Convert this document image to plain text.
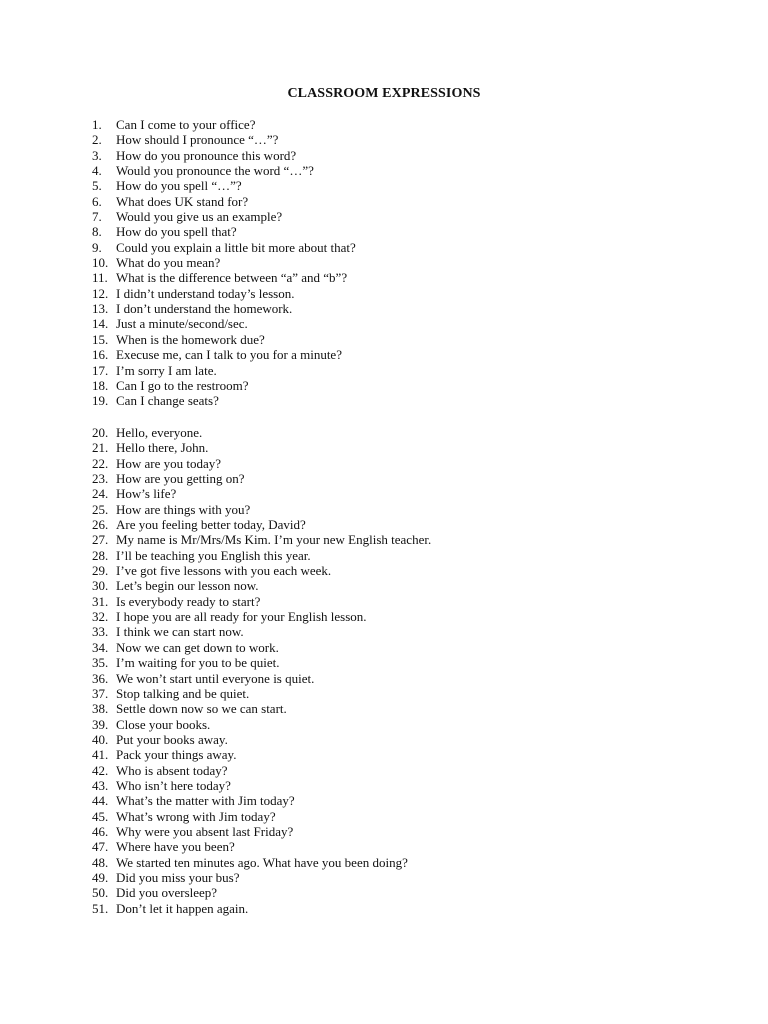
CLASSROOM EXPRESSIONS
1.	Can I come to your office?
2.	How should I pronounce “…”?
3.	How do you pronounce this word?
4.	Would you pronounce the word “…”?
5.	How do you spell “…”?
6.	What does UK stand for?
7.	Would you give us an example?
8.	How do you spell that?
9.	Could you explain a little bit more about that?
10. What do you mean?
11. What is the difference between “a” and “b”?
12. I didn’t understand today’s lesson.
13. I don’t understand the homework.
14. Just a minute/second/sec.
15. When is the homework due?
16. Execuse me, can I talk to you for a minute?
17. I’m sorry I am late.
18. Can I go to the restroom?
19. Can I change seats?
20. Hello, everyone.
21. Hello there, John.
22. How are you today?
23. How are you getting on?
24. How’s life?
25. How are things with you?
26. Are you feeling better today, David?
27. My name is Mr/Mrs/Ms Kim. I’m your new English teacher.
28. I’ll be teaching you English this year.
29. I’ve got five lessons with you each week.
30. Let’s begin our lesson now.
31. Is everybody ready to start?
32. I hope you are all ready for your English lesson.
33. I think we can start now.
34. Now we can get down to work.
35. I’m waiting for you to be quiet.
36. We won’t start until everyone is quiet.
37. Stop talking and be quiet.
38. Settle down now so we can start.
39. Close your books.
40. Put your books away.
41. Pack your things away.
42. Who is absent today?
43. Who isn’t here today?
44. What’s the matter with Jim today?
45. What’s wrong with Jim today?
46. Why were you absent last Friday?
47. Where have you been?
48. We started ten minutes ago. What have you been doing?
49. Did you miss your bus?
50. Did you oversleep?
51. Don’t let it happen again.
